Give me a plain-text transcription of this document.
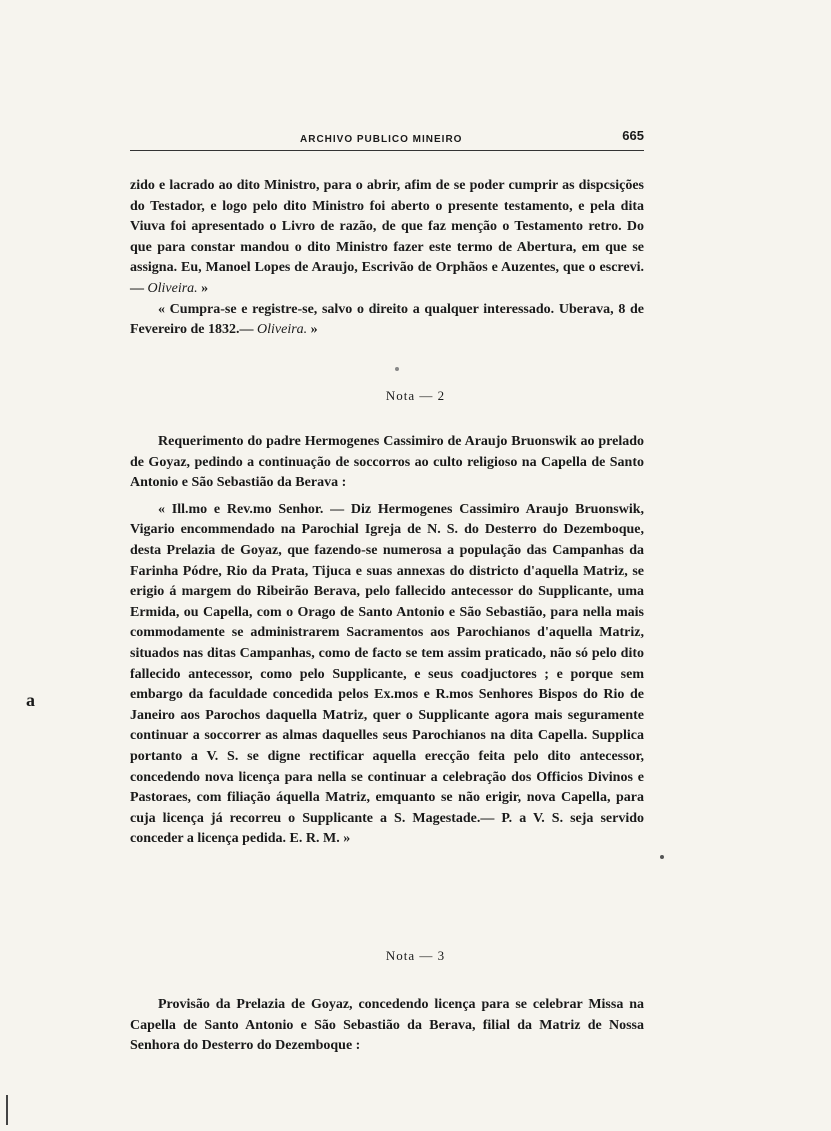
ARCHIVO PUBLICO MINEIRO	665

zido e lacrado ao dito Ministro, para o abrir, afim de se poder cumprir as dispcsições do Testador, e logo pelo dito Ministro foi aberto o presente testamento, e pela dita Viuva foi apresentado o Livro de razão, de que faz menção o Testamento retro. Do que para constar mandou o dito Ministro fazer este termo de Abertura, em que se assigna. Eu, Manoel Lopes de Araujo, Escrivão de Orphãos e Auzentes, que o escrevi.— Oliveira. »

« Cumpra-se e registre-se, salvo o direito a qualquer interessado. Uberava, 8 de Fevereiro de 1832.— Oliveira. »

Nota — 2

Requerimento do padre Hermogenes Cassimiro de Araujo Bruonswik ao prelado de Goyaz, pedindo a continuação de soccorros ao culto religioso na Capella de Santo Antonio e São Sebastião da Berava :

« Ill.mo e Rev.mo Senhor. — Diz Hermogenes Cassimiro Araujo Bruonswik, Vigario encommendado na Parochial Igreja de N. S. do Desterro do Dezemboque, desta Prelazia de Goyaz, que fazendo-se numerosa a população das Campanhas da Farinha Pódre, Rio da Prata, Tijuca e suas annexas do districto d'aquella Matriz, se erigio á margem do Ribeirão Berava, pelo fallecido antecessor do Supplicante, uma Ermida, ou Capella, com o Orago de Santo Antonio e São Sebastião, para nella mais commodamente se administrarem Sacramentos aos Parochianos d'aquella Matriz, situados nas ditas Campanhas, como de facto se tem assim praticado, não só pelo dito fallecido antecessor, como pelo Supplicante, e seus coadjuctores ; e porque sem embargo da faculdade concedida pelos Ex.mos e R.mos Senhores Bispos do Rio de Janeiro aos Parochos daquella Matriz, quer o Supplicante agora mais seguramente continuar a soccorrer as almas daquelles seus Parochianos na dita Capella. Supplica portanto a V. S. se digne rectificar aquella erecção feita pelo dito antecessor, concedendo nova licença para nella se continuar a celebração dos Officios Divinos e Pastoraes, com filiação áquella Matriz, emquanto se não erigir, nova Capella, para cuja licença já recorreu o Supplicante a S. Magestade.— P. a V. S. seja servido conceder a licença pedida. E. R. M. »

Nota — 3

Provisão da Prelazia de Goyaz, concedendo licença para se celebrar Missa na Capella de Santo Antonio e São Sebastião da Berava, filial da Matriz de Nossa Senhora do Desterro do Dezemboque :

a
